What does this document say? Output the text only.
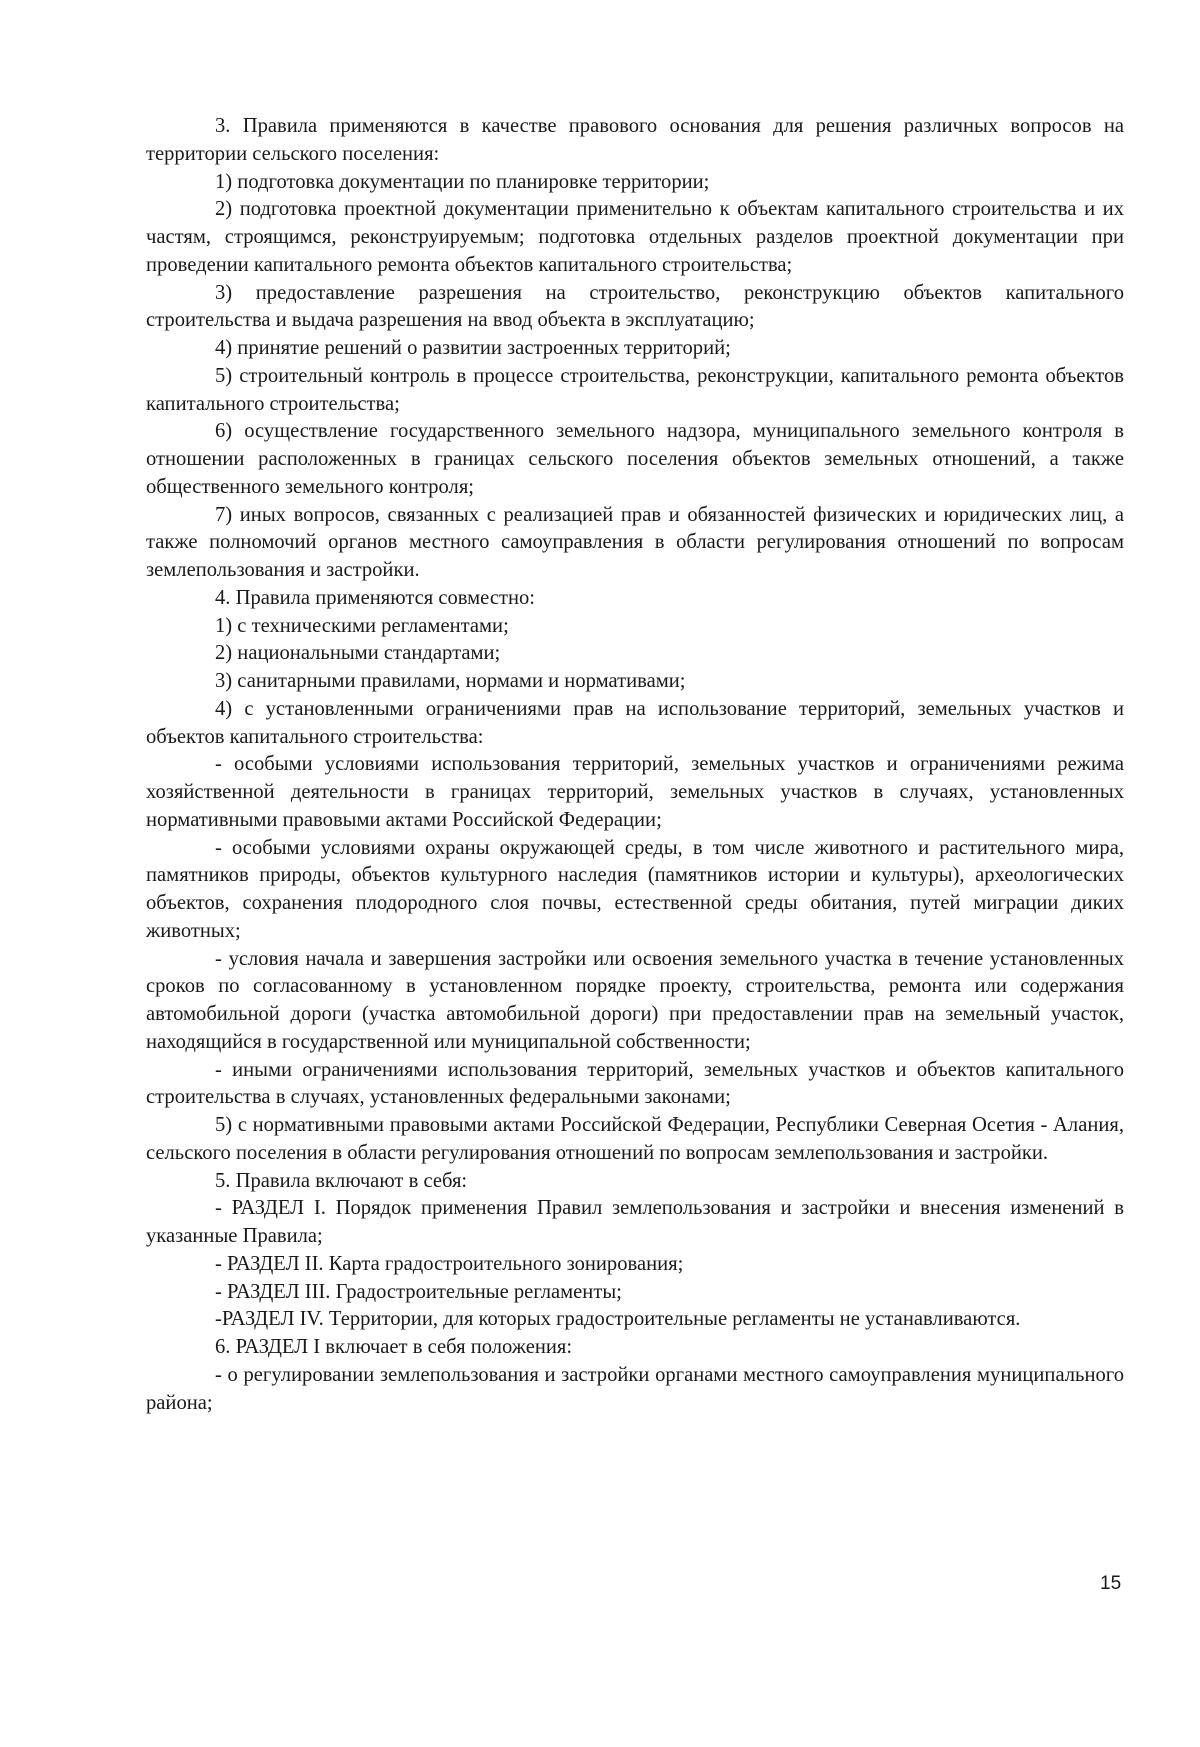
3. Правила применяются в качестве правового основания для решения различных вопросов на территории сельского поселения:

1) подготовка документации по планировке территории;

2) подготовка проектной документации применительно к объектам капитального строительства и их частям, строящимся, реконструируемым; подготовка отдельных разделов проектной документации при проведении капитального ремонта объектов капитального строительства;

3) предоставление разрешения на строительство, реконструкцию объектов капитального строительства и выдача разрешения на ввод объекта в эксплуатацию;

4) принятие решений о развитии застроенных территорий;

5) строительный контроль в процессе строительства, реконструкции, капитального ремонта объектов капитального строительства;

6) осуществление государственного земельного надзора, муниципального земельного контроля в отношении расположенных в границах сельского поселения объектов земельных отношений, а также общественного земельного контроля;

7) иных вопросов, связанных с реализацией прав и обязанностей физических и юридических лиц, а также полномочий органов местного самоуправления в области регулирования отношений по вопросам землепользования и застройки.

4. Правила применяются совместно:

1) с техническими регламентами;

2) национальными стандартами;

3) санитарными правилами, нормами и нормативами;

4) с установленными ограничениями прав на использование территорий, земельных участков и объектов капитального строительства:

- особыми условиями использования территорий, земельных участков и ограничениями режима хозяйственной деятельности в границах территорий, земельных участков в случаях, установленных нормативными правовыми актами Российской Федерации;

- особыми условиями охраны окружающей среды, в том числе животного и растительного мира, памятников природы, объектов культурного наследия (памятников истории и культуры), археологических объектов, сохранения плодородного слоя почвы, естественной среды обитания, путей миграции диких животных;

- условия начала и завершения застройки или освоения земельного участка в течение установленных сроков по согласованному в установленном порядке проекту, строительства, ремонта или содержания автомобильной дороги (участка автомобильной дороги) при предоставлении прав на земельный участок, находящийся в государственной или муниципальной собственности;

- иными ограничениями использования территорий, земельных участков и объектов капитального строительства в случаях, установленных федеральными законами;

5) с нормативными правовыми актами Российской Федерации, Республики Северная Осетия - Алания, сельского поселения в области регулирования отношений по вопросам землепользования и застройки.

5. Правила включают в себя:

- РАЗДЕЛ I. Порядок применения Правил землепользования и застройки и внесения изменений в указанные Правила;

- РАЗДЕЛ II. Карта градостроительного зонирования;

- РАЗДЕЛ III. Градостроительные регламенты;

-РАЗДЕЛ IV. Территории, для которых градостроительные регламенты не устанавливаются.

6. РАЗДЕЛ I включает в себя положения:

- о регулировании землепользования и застройки органами местного самоуправления муниципального района;

15
